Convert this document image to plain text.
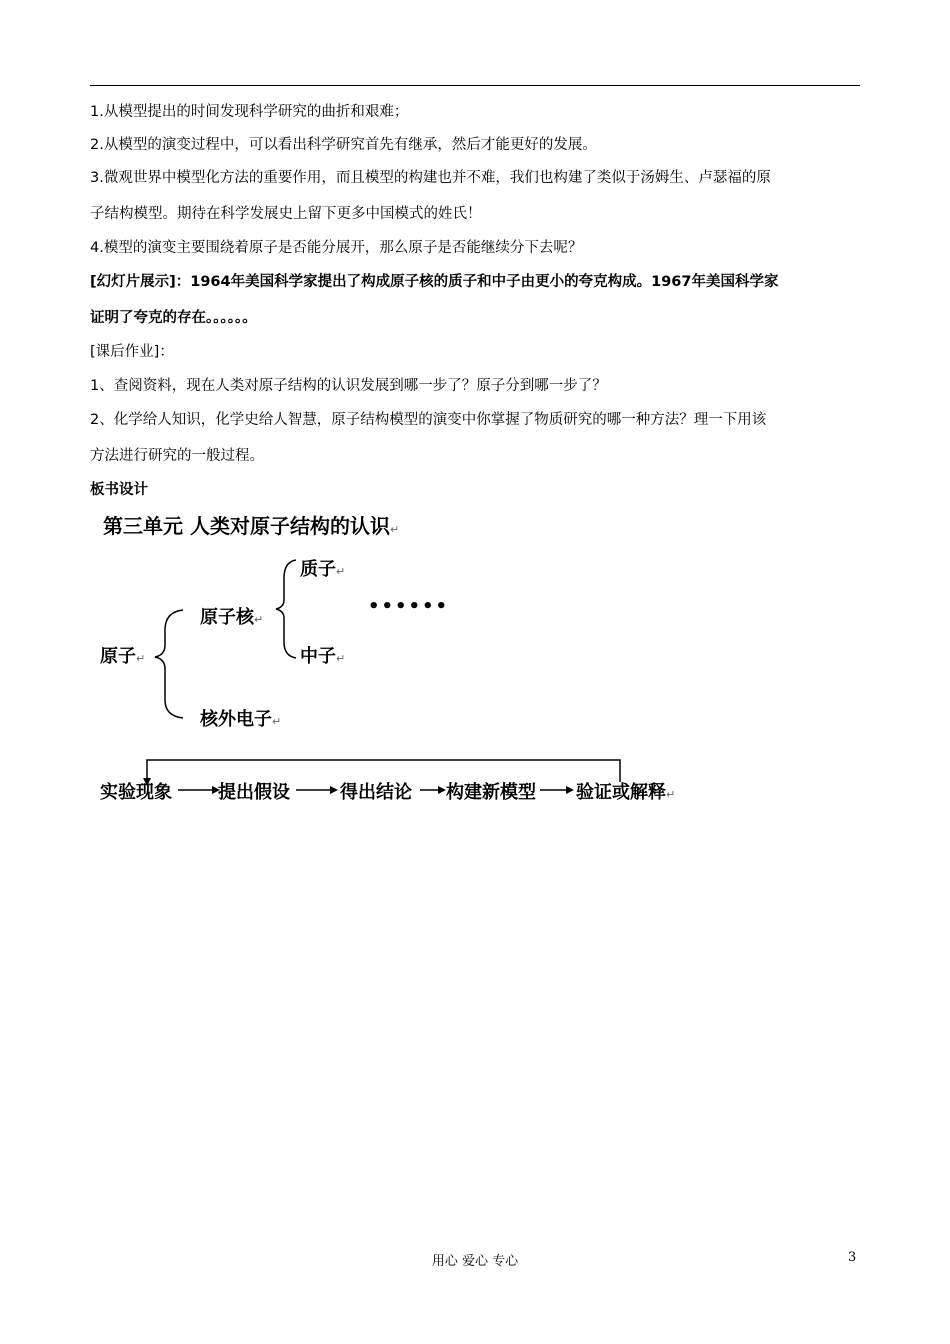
1.从模型提出的时间发现科学研究的曲折和艰难；
2.从模型的演变过程中，可以看出科学研究首先有继承，然后才能更好的发展。
3.微观世界中模型化方法的重要作用，而且模型的构建也并不难，我们也构建了类似于汤姆生、卢瑟福的原
子结构模型。期待在科学发展史上留下更多中国模式的姓氏！
4.模型的演变主要围绕着原子是否能分展开，那么原子是否能继续分下去呢？
[幻灯片展示]：1964年美国科学家提出了构成原子核的质子和中子由更小的夸克构成。1967年美国科学家
证明了夸克的存在。。。。。。
[课后作业]：
1、查阅资料，现在人类对原子结构的认识发展到哪一步了？原子分到哪一步了？
2、化学给人知识，化学史给人智慧，原子结构模型的演变中你掌握了物质研究的哪一种方法？理一下用该
方法进行研究的一般过程。
板书设计
第三单元 人类对原子结构的认识↵
质子↵
原子核↵
••••••
原子↵	中子↵
核外电子↵
实验现象	提出假设	得出结论 构建新模型 验证或解释↵
用心 爱心 专心	3
